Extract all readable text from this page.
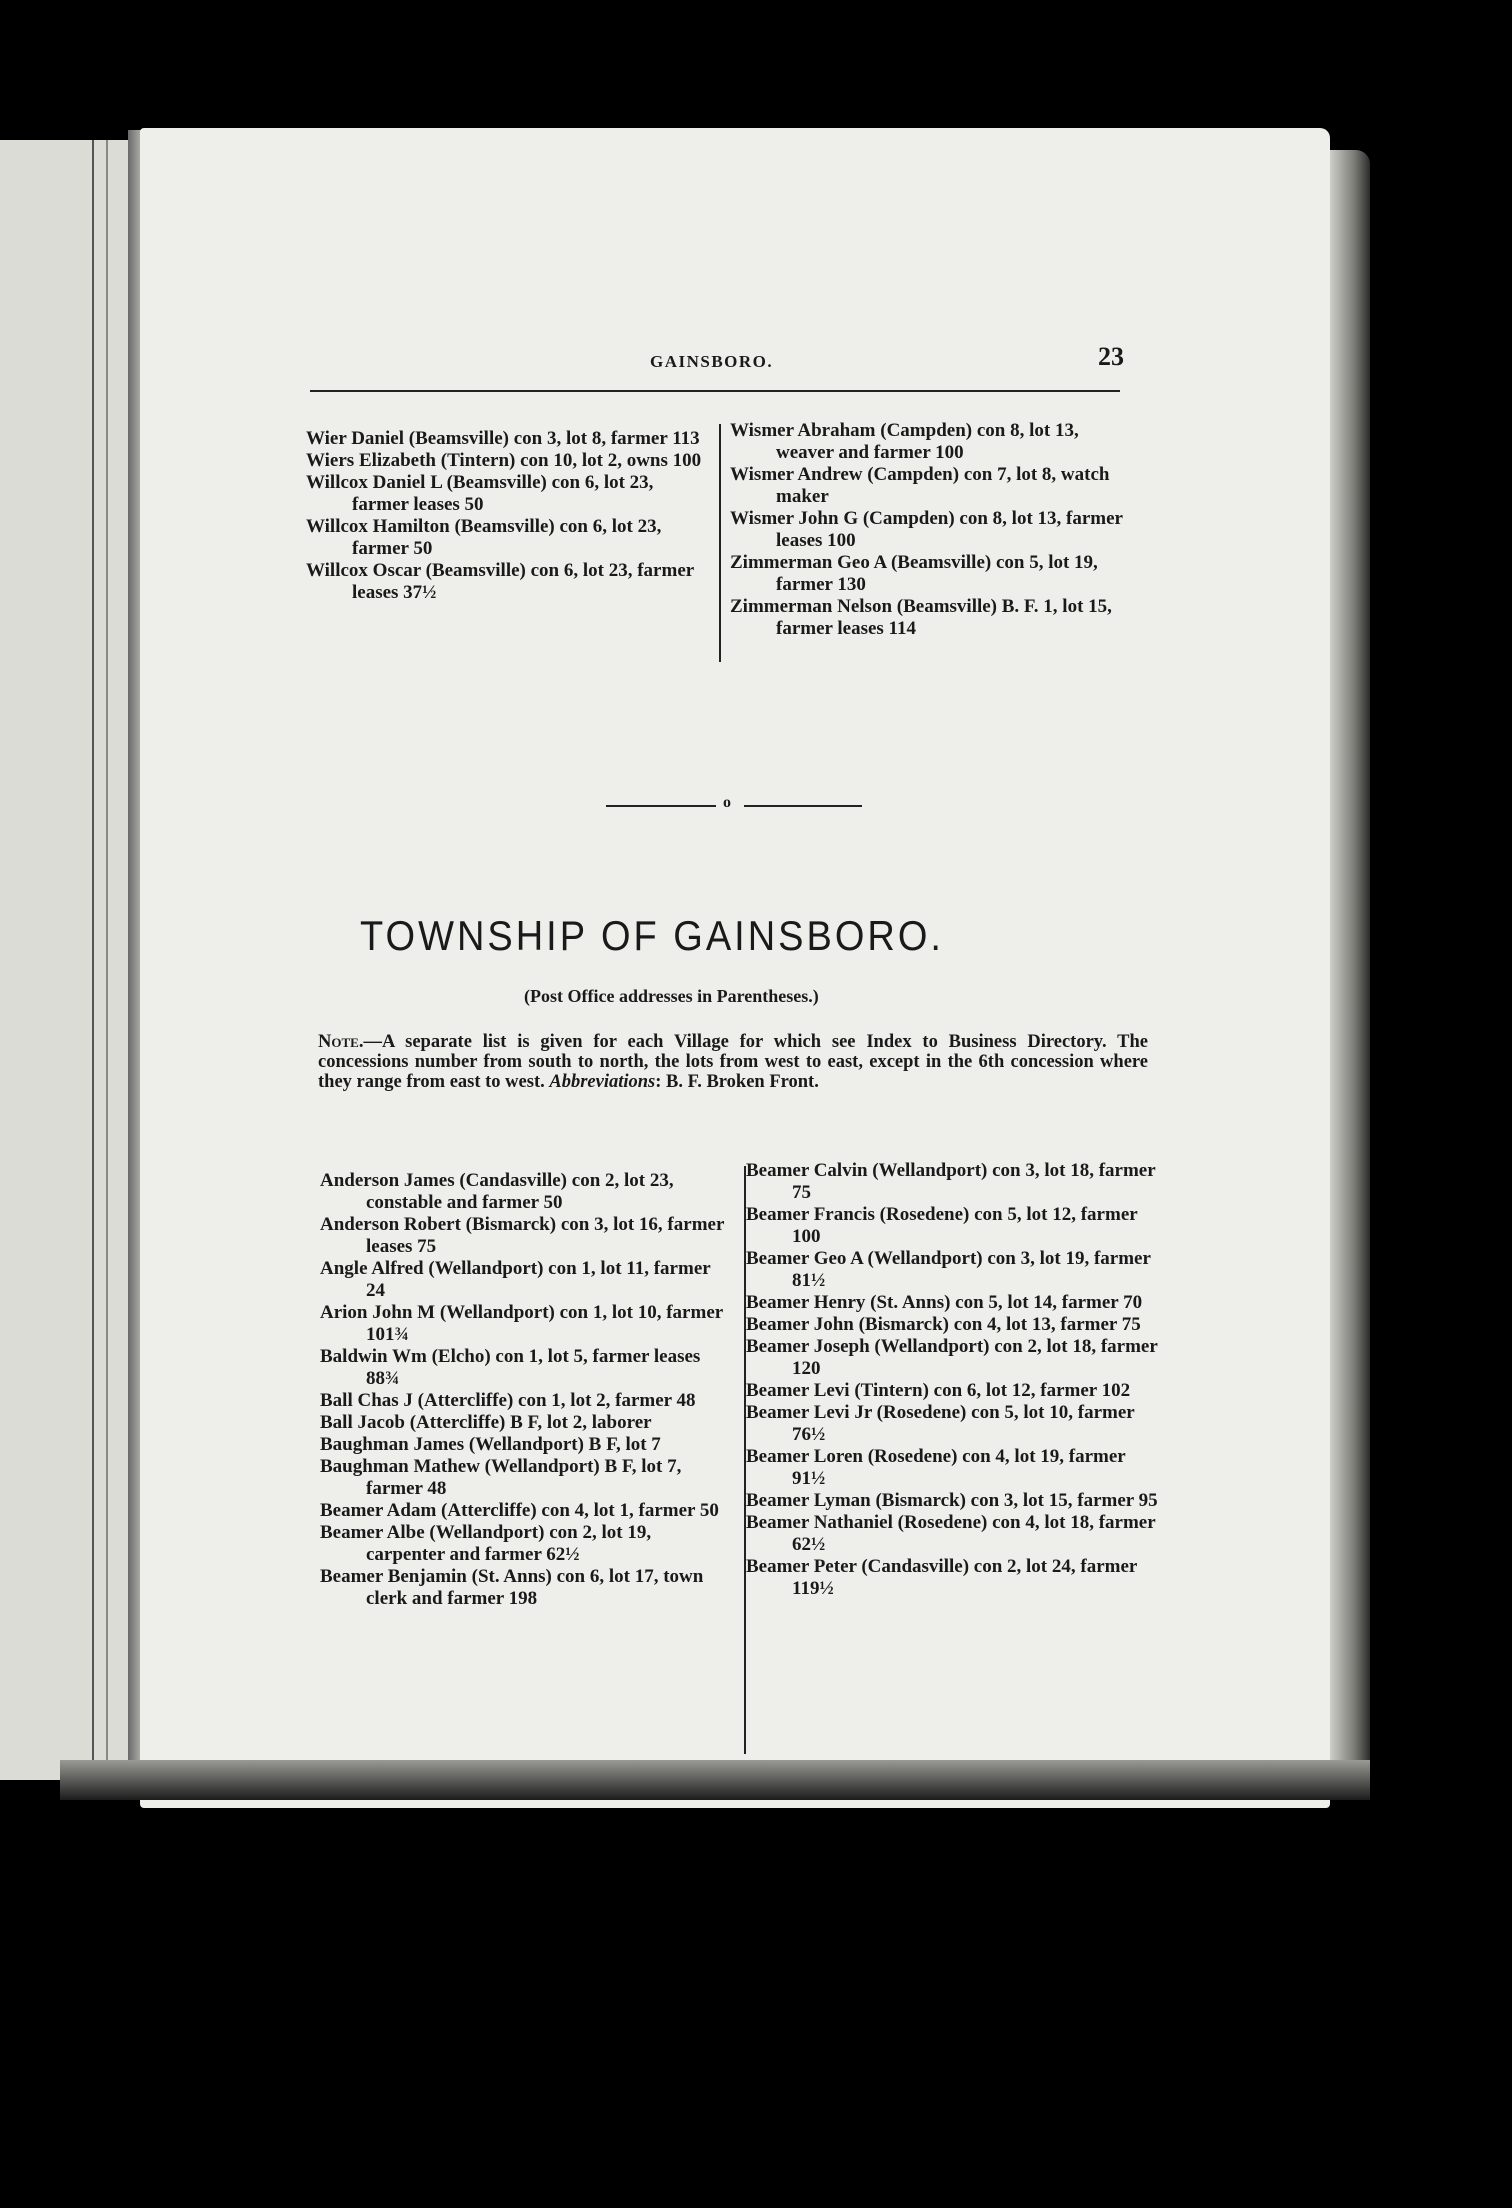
GAINSBORO.	23

Wier Daniel (Beamsville) con 3, lot 8, farmer 113

Wiers Elizabeth (Tintern) con 10, lot 2, owns 100

Willcox Daniel L (Beamsville) con 6, lot 23, farmer leases 50

Willcox Hamilton (Beamsville) con 6, lot 23, farmer 50

Willcox Oscar (Beamsville) con 6, lot 23, farmer leases 37½

Wismer Abraham (Campden) con 8, lot 13, weaver and farmer 100

Wismer Andrew (Campden) con 7, lot 8, watch maker

Wismer John G (Campden) con 8, lot 13, farmer leases 100

Zimmerman Geo A (Beamsville) con 5, lot 19, farmer 130

Zimmerman Nelson (Beamsville) B. F. 1, lot 15, farmer leases 114

o
TOWNSHIP OF GAINSBORO.
(Post Office addresses in Parentheses.)
Note.—A separate list is given for each Village for which see Index to Business Directory. The concessions number from south to north, the lots from west to east, except in the 6th concession where they range from east to west. Abbreviations: B. F. Broken Front.

Anderson James (Candasville) con 2, lot 23, constable and farmer 50

Anderson Robert (Bismarck) con 3, lot 16, farmer leases 75

Angle Alfred (Wellandport) con 1, lot 11, farmer 24

Arion John M (Wellandport) con 1, lot 10, farmer 101¾

Baldwin Wm (Elcho) con 1, lot 5, farmer leases 88¾

Ball Chas J (Attercliffe) con 1, lot 2, farmer 48

Ball Jacob (Attercliffe) B F, lot 2, laborer

Baughman James (Wellandport) B F, lot 7

Baughman Mathew (Wellandport) B F, lot 7, farmer 48

Beamer Adam (Attercliffe) con 4, lot 1, farmer 50

Beamer Albe (Wellandport) con 2, lot 19, carpenter and farmer 62½

Beamer Benjamin (St. Anns) con 6, lot 17, town clerk and farmer 198

Beamer Calvin (Wellandport) con 3, lot 18, farmer 75

Beamer Francis (Rosedene) con 5, lot 12, farmer 100

Beamer Geo A (Wellandport) con 3, lot 19, farmer 81½

Beamer Henry (St. Anns) con 5, lot 14, farmer 70

Beamer John (Bismarck) con 4, lot 13, farmer 75

Beamer Joseph (Wellandport) con 2, lot 18, farmer 120

Beamer Levi (Tintern) con 6, lot 12, farmer 102

Beamer Levi Jr (Rosedene) con 5, lot 10, farmer 76½

Beamer Loren (Rosedene) con 4, lot 19, farmer 91½

Beamer Lyman (Bismarck) con 3, lot 15, farmer 95

Beamer Nathaniel (Rosedene) con 4, lot 18, farmer 62½

Beamer Peter (Candasville) con 2, lot 24, farmer 119½
